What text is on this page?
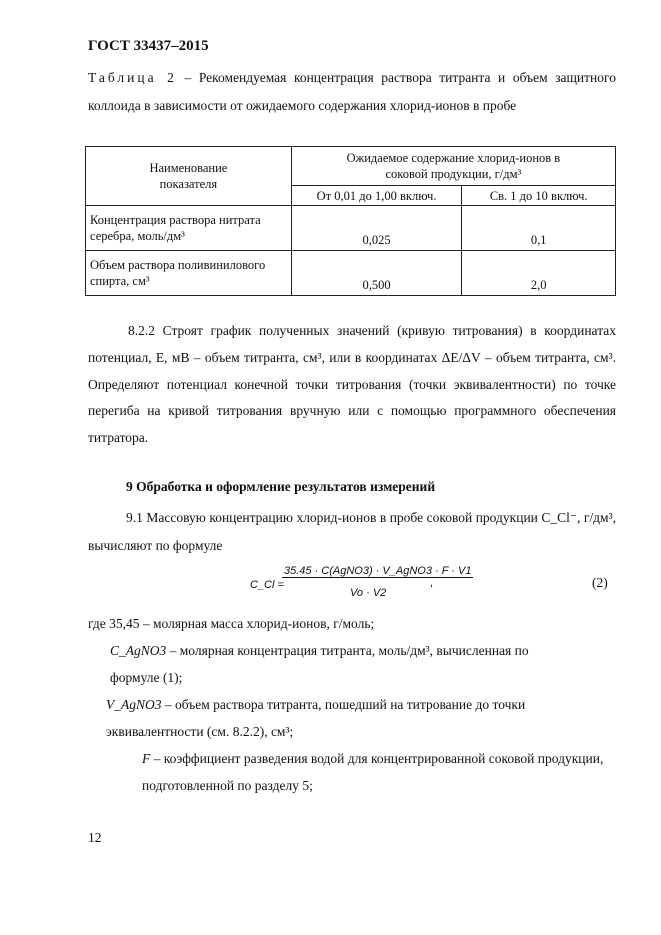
ГОСТ 33437–2015
Таблица 2 – Рекомендуемая концентрация раствора титранта и объем защитного коллоида в зависимости от ожидаемого содержания хлорид-ионов в пробе
Наименование показателя	Ожидаемое содержание хлорид-ионов в соковой продукции, г/дм³	
	От 0,01 до 1,00 включ.	Св. 1 до 10 включ.
Концентрация раствора нитрата серебра, моль/дм³	0,025	0,1
Объем раствора поливинилового спирта, см³	0,500	2,0
8.2.2 Строят график полученных значений (кривую титрования) в координатах потенциал, E, мВ – объем титранта, см³, или в координатах ΔE/ΔV – объем титранта, см³. Определяют потенциал конечной точки титрования (точки эквивалентности) по точке перегиба на кривой титрования вручную или с помощью программного обеспечения титратора.
9 Обработка и оформление результатов измерений
9.1 Массовую концентрацию хлорид-ионов в пробе соковой продукции C_Cl⁻, г/дм³, вычисляют по формуле
C_Cl =
35.45 · C(AgNO3) · V_AgNO3 · F · V1
Vo · V2
,	(2)
где 35,45 – молярная масса хлорид-ионов, г/моль;
C_AgNO3 – молярная концентрация титранта, моль/дм³, вычисленная по формуле (1);
V_AgNO3 – объем раствора титранта, пошедший на титрование до точки эквивалентности (см. 8.2.2), см³;
F – коэффициент разведения водой для концентрированной соковой продукции, подготовленной по разделу 5;
12
